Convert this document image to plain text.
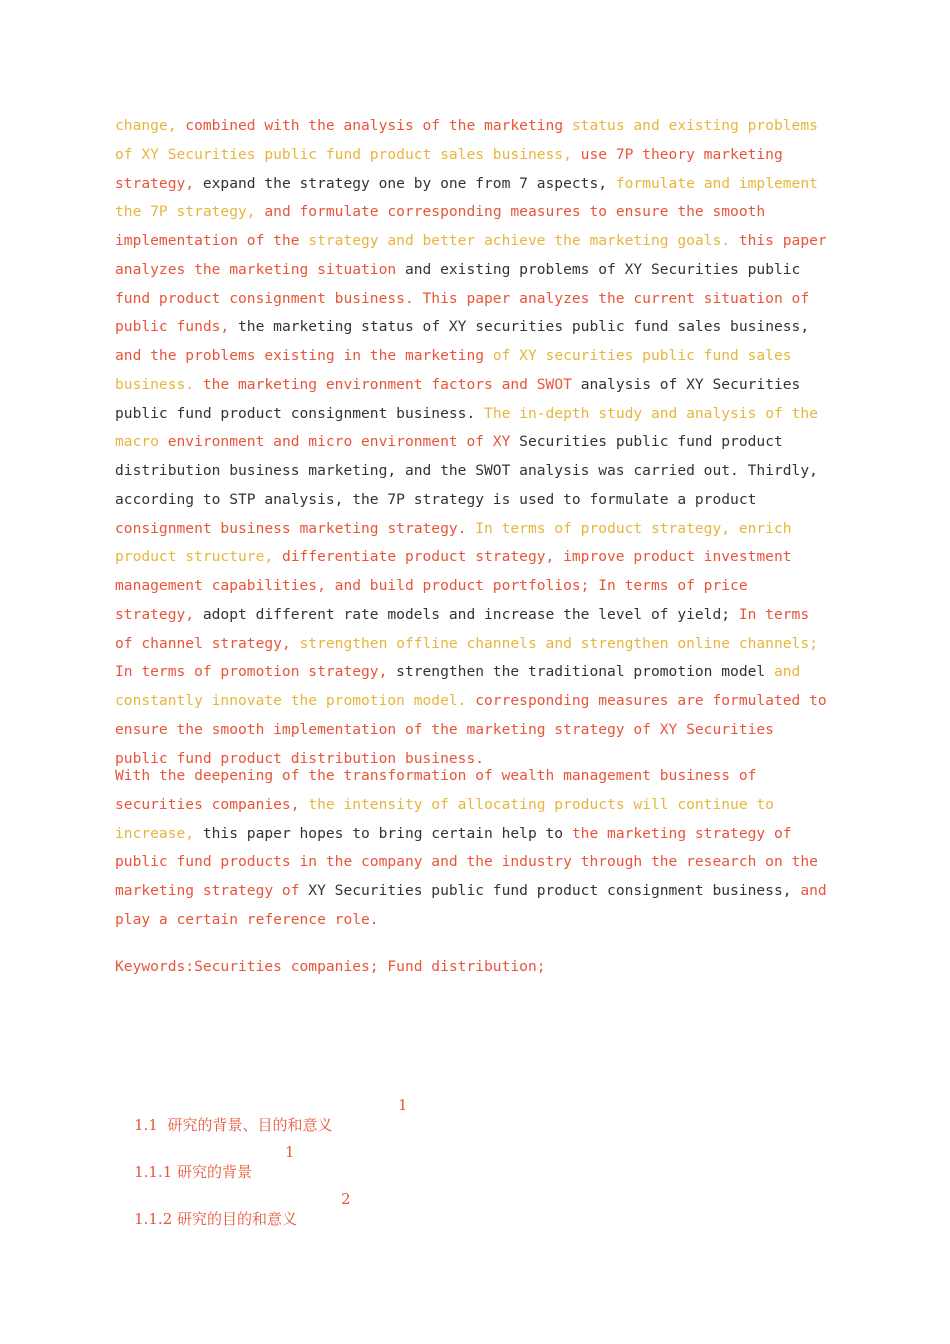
change, combined with the analysis of the marketing status and existing problems of XY Securities public fund product sales business, use 7P theory marketing strategy, expand the strategy one by one from 7 aspects, formulate and implement the 7P strategy, and formulate corresponding measures to ensure the smooth implementation of the strategy and better achieve the marketing goals. this paper analyzes the marketing situation and existing problems of XY Securities public fund product consignment business. This paper analyzes the current situation of public funds, the marketing status of XY securities public fund sales business, and the problems existing in the marketing of XY securities public fund sales business. the marketing environment factors and SWOT analysis of XY Securities public fund product consignment business. The in-depth study and analysis of the macro environment and micro environment of XY Securities public fund product distribution business marketing, and the SWOT analysis was carried out. Thirdly, according to STP analysis, the 7P strategy is used to formulate a product consignment business marketing strategy. In terms of product strategy, enrich product structure, differentiate product strategy, improve product investment management capabilities, and build product portfolios; In terms of price strategy, adopt different rate models and increase the level of yield; In terms of channel strategy, strengthen offline channels and strengthen online channels; In terms of promotion strategy, strengthen the traditional promotion model and constantly innovate the promotion model. corresponding measures are formulated to ensure the smooth implementation of the marketing strategy of XY Securities public fund product distribution business.

With the deepening of the transformation of wealth management business of securities companies, the intensity of allocating products will continue to increase, this paper hopes to bring certain help to the marketing strategy of public fund products in the company and the industry through the research on the marketing strategy of XY Securities public fund product consignment business, and play a certain reference role.

Keywords:Securities companies; Fund distribution;

1.1  研究的背景、目的和意义

1

1.1.1 研究的背景

1

1.1.2 研究的目的和意义

2
